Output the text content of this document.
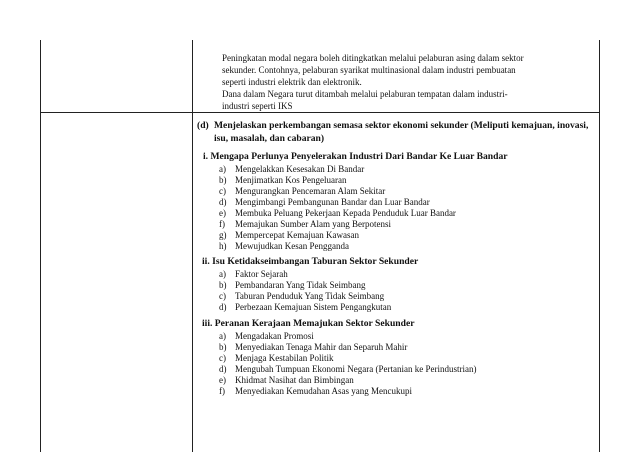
Peningkatan modal negara boleh ditingkatkan melalui pelaburan asing dalam sektor
sekunder. Contohnya, pelaburan syarikat multinasional dalam industri pembuatan
seperti industri elektrik dan elektronik.
Dana dalam Negara turut ditambah melalui pelaburan tempatan dalam industri-
industri seperti IKS
(d) Menjelaskan perkembangan semasa sektor ekonomi sekunder (Meliputi kemajuan, inovasi,
isu, masalah, dan cabaran)
i. Mengapa Perlunya Penyelerakan Industri Dari Bandar Ke Luar Bandar
a) Mengelakkan Kesesakan Di Bandar
b) Menjimatkan Kos Pengeluaran
c) Mengurangkan Pencemaran Alam Sekitar
d) Mengimbangi Pembangunan Bandar dan Luar Bandar
e) Membuka Peluang Pekerjaan Kepada Penduduk Luar Bandar
f) Memajukan Sumber Alam yang Berpotensi
g) Mempercepat Kemajuan Kawasan
h) Mewujudkan Kesan Pengganda
ii. Isu Ketidakseimbangan Taburan Sektor Sekunder
a) Faktor Sejarah
b) Pembandaran Yang Tidak Seimbang
c) Taburan Penduduk Yang Tidak Seimbang
d) Perbezaan Kemajuan Sistem Pengangkutan
iii. Peranan Kerajaan Memajukan Sektor Sekunder
a) Mengadakan Promosi
b) Menyediakan Tenaga Mahir dan Separuh Mahir
c) Menjaga Kestabilan Politik
d) Mengubah Tumpuan Ekonomi Negara (Pertanian ke Perindustrian)
e) Khidmat Nasihat dan Bimbingan
f) Menyediakan Kemudahan Asas yang Mencukupi
